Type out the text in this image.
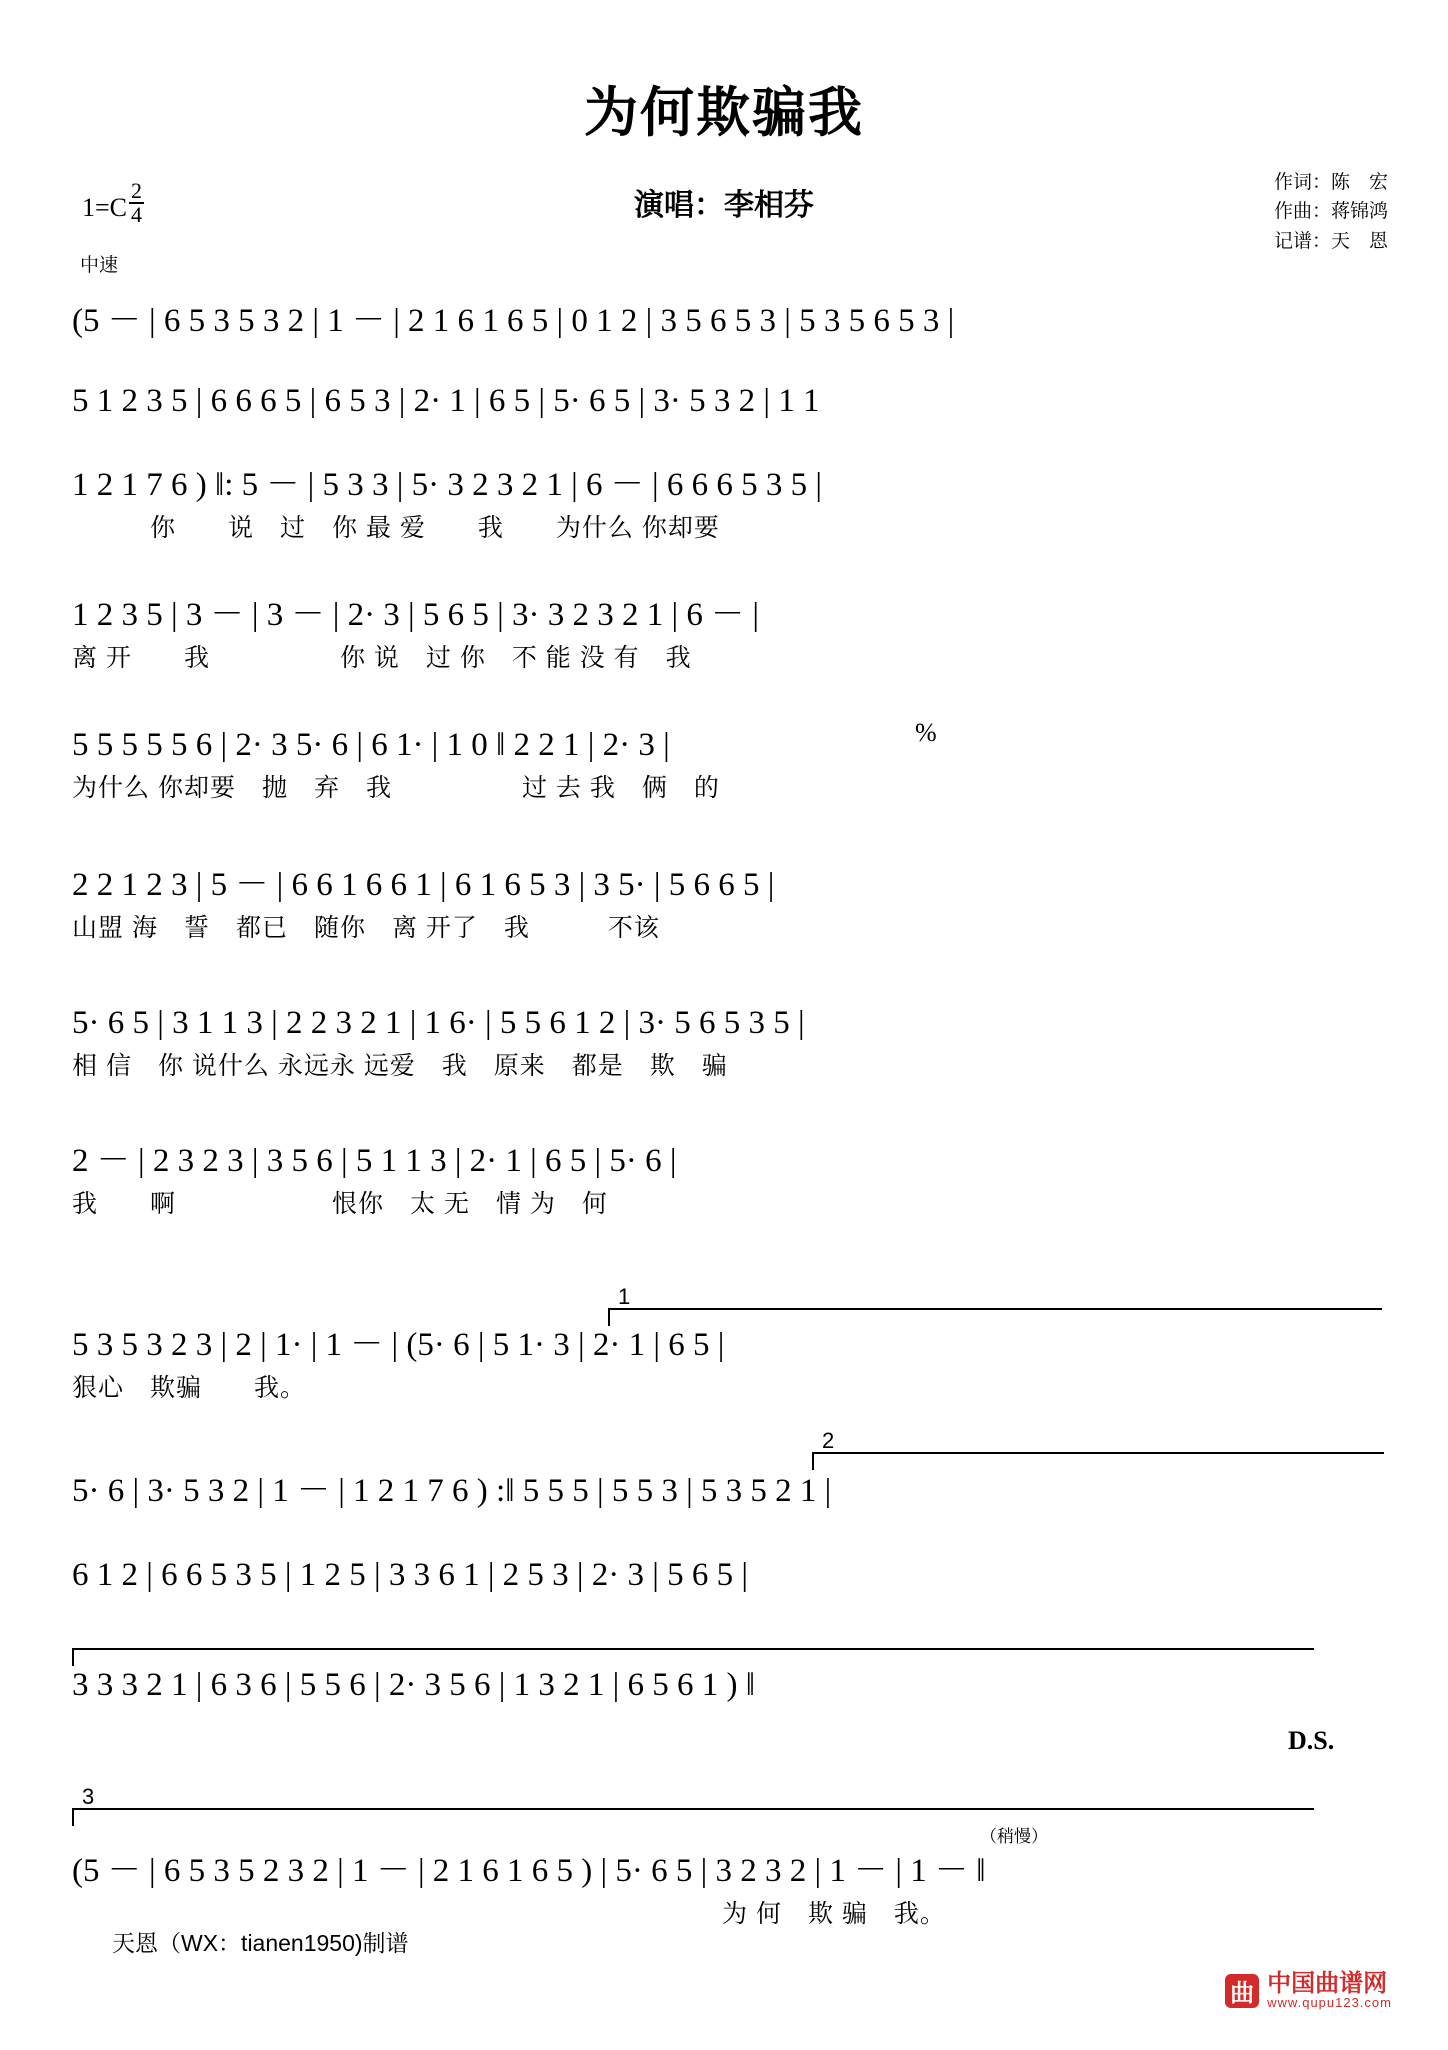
为何欺骗我
演唱：李相芬
$1=C \frac{2}{4}$
中速
作词：陈　宏
作曲：蒋锦鸿
记谱：天　恩
(5 － | 6 5 3 5 3 2 | 1 － | 2 1 6 1 6 5 | 0 1 2 | 3 5 6 5 3 | 5 3 5 6 5 3 |
5 1 2 3 5 | 6 6 6 5 | 6 5 3 | 2· 1 | 6 5 | 5· 6 5 | 3· 5 3 2 | 1 1
1 2 1 7 6 ) ‖: 5 － | 5 3 3 | 5· 3 2 3 2 1 | 6 － | 6 6 6 5 3 5 |
　　　你　　说　过　你 最 爱　　我　　为什么 你却要
1 2 3 5 | 3 － | 3 － | 2· 3 | 5 6 5 | 3· 3 2 3 2 1 | 6 － |
离 开　　我　　　　　你 说　过 你　不 能 没 有　我
5 5 5 5 5 6 | 2· 3 5· 6 | 6 1· | 1 0 ‖ 2 2 1 | 2· 3 |
为什么 你却要　抛　弃　我　　　　　过 去 我　俩　的
%
2 2 1 2 3 | 5 － | 6 6 1 6 6 1 | 6 1 6 5 3 | 3 5· | 5 6 6 5 |
山盟 海　誓　都已　随你　离 开了　我　　　不该
5· 6 5 | 3 1 1 3 | 2 2 3 2 1 | 1 6· | 5 5 6 1 2 | 3· 5 6 5 3 5 |
相 信　你 说什么 永远永 远爱　我　原来　都是　欺　骗
2 － | 2 3 2 3 | 3 5 6 | 5 1 1 3 | 2· 1 | 6 5 | 5· 6 |
我　　啊　　　　　　恨你　太 无　情 为　何
1
5 3 5 3 2 3 | 2 | 1· | 1 － | (5· 6 | 5 1· 3 | 2· 1 | 6 5 |
狠心　欺骗　　我。
2
5· 6 | 3· 5 3 2 | 1 － | 1 2 1 7 6 ) :‖ 5 5 5 | 5 5 3 | 5 3 5 2 1 |
6 1 2 | 6 6 5 3 5 | 1 2 5 | 3 3 6 1 | 2 5 3 | 2· 3 | 5 6 5 |
3 3 3 2 1 | 6 3 6 | 5 5 6 | 2· 3 5 6 | 1 3 2 1 | 6 5 6 1 ) ‖
D.S.
3
（稍慢）
(5 － | 6 5 3 5 2 3 2 | 1 － | 2 1 6 1 6 5 ) | 5· 6 5 | 3 2 3 2 | 1 － | 1 － ‖
　　　　　　　　　　　　　　　　　　　　　　　　　为 何　欺 骗　我。
天恩（WX：tianen1950)制谱
曲 中国曲谱网
www.qupu123.com
